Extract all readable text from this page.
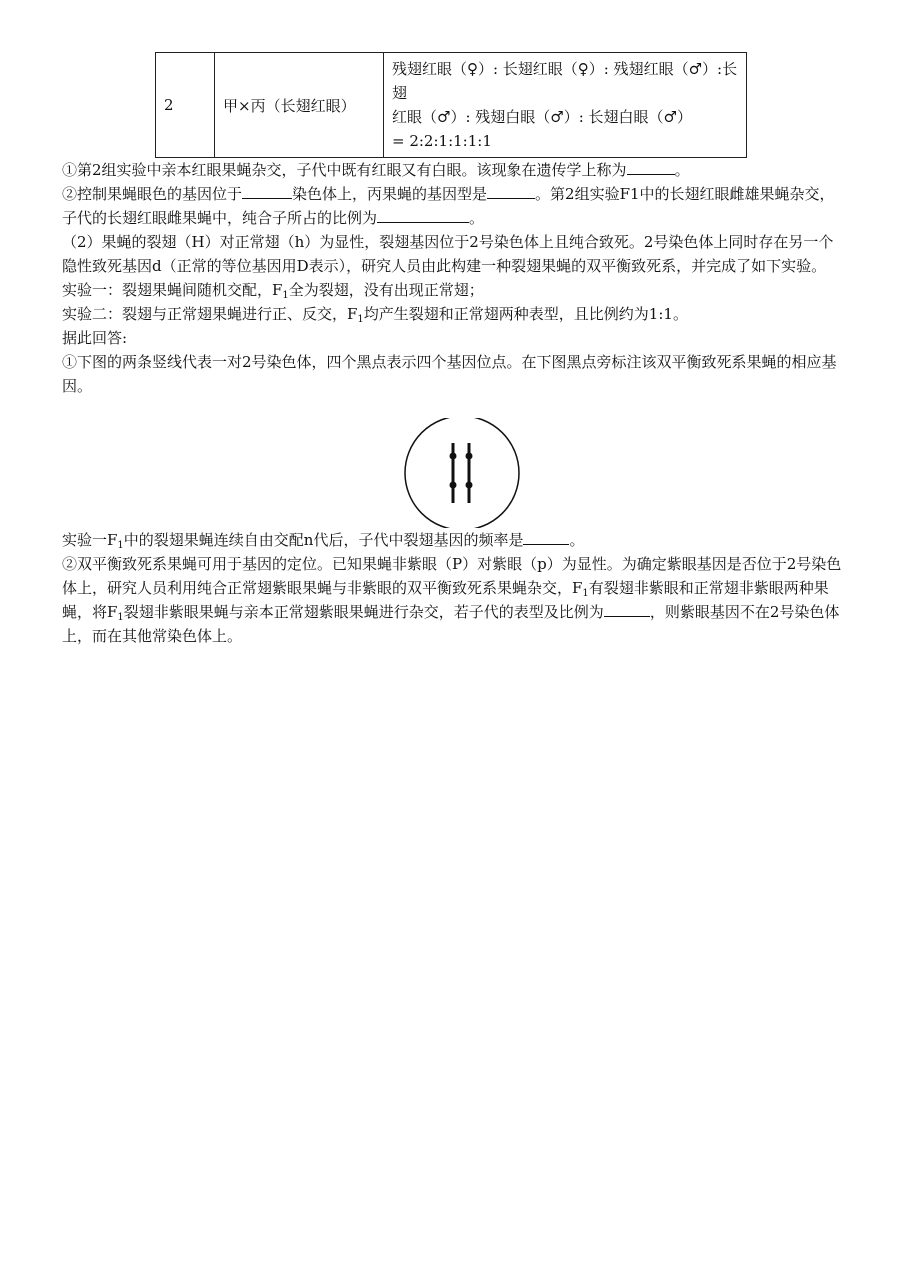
2	甲×丙（长翅红眼）	
残翅红眼（♀）: 长翅红眼（♀）: 残翅红眼（♂）:长翅
红眼（♂）: 残翅白眼（♂）: 长翅白眼（♂）
= 2:2:1:1:1:1

①第2组实验中亲本红眼果蝇杂交，子代中既有红眼又有白眼。该现象在遗传学上称为	。

②控制果蝇眼色的基因位于	染色体上，丙果蝇的基因型是	。第2组实验F1中的长翅红眼雌雄果蝇杂交，

子代的长翅红眼雌果蝇中，纯合子所占的比例为	。

（2）果蝇的裂翅（H）对正常翅（h）为显性，裂翅基因位于2号染色体上且纯合致死。2号染色体上同时存在另一个

隐性致死基因d（正常的等位基因用D表示），研究人员由此构建一种裂翅果蝇的双平衡致死系，并完成了如下实验。

实验一：裂翅果蝇间随机交配，$F_1$全为裂翅，没有出现正常翅；

实验二：裂翅与正常翅果蝇进行正、反交，$F_1$均产生裂翅和正常翅两种表型，且比例约为1:1。

据此回答:

①下图的两条竖线代表一对2号染色体，四个黑点表示四个基因位点。在下图黑点旁标注该双平衡致死系果蝇的相应基

因。

实验一$F_1$中的裂翅果蝇连续自由交配n代后，子代中裂翅基因的频率是	。

②双平衡致死系果蝇可用于基因的定位。已知果蝇非紫眼（P）对紫眼（p）为显性。为确定紫眼基因是否位于2号染色

体上，研究人员利用纯合正常翅紫眼果蝇与非紫眼的双平衡致死系果蝇杂交，$F_1$有裂翅非紫眼和正常翅非紫眼两种果

蝇，将$F_1$裂翅非紫眼果蝇与亲本正常翅紫眼果蝇进行杂交，若子代的表型及比例为	，则紫眼基因不在2号染色体

上，而在其他常染色体上。
